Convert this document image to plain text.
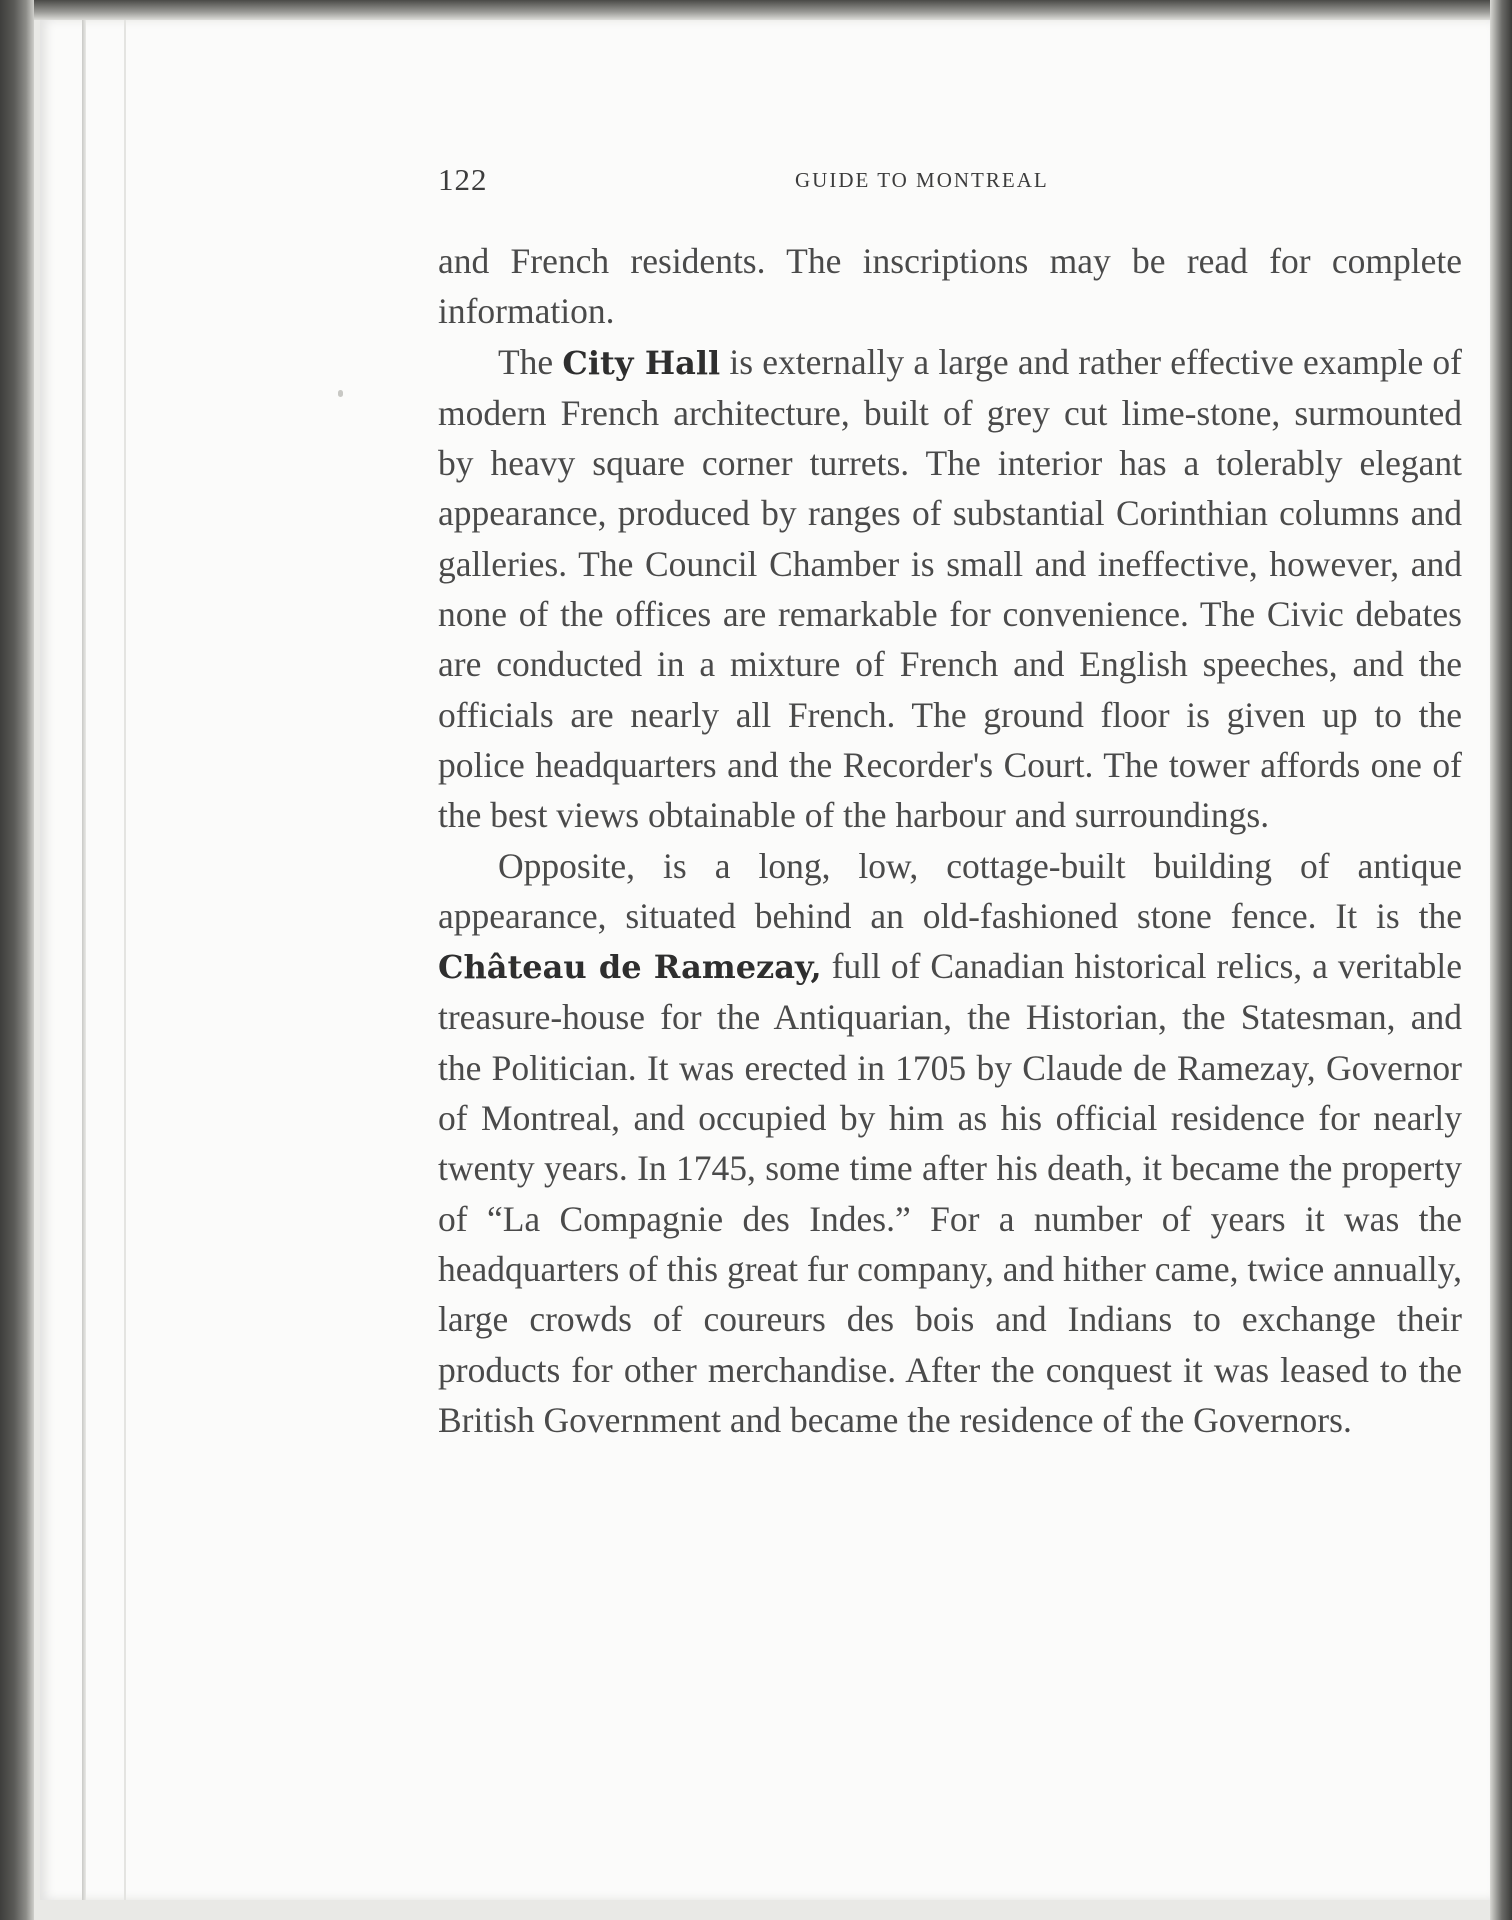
122	GUIDE TO MONTREAL

and French residents. The inscriptions may be read for complete information.

The City Hall is externally a large and rather effective example of modern French architecture, built of grey cut lime-stone, surmounted by heavy square corner turrets. The interior has a tolerably elegant appearance, produced by ranges of substantial Corinthian columns and galleries. The Council Chamber is small and ineffective, however, and none of the offices are remarkable for convenience. The Civic debates are conducted in a mixture of French and English speeches, and the officials are nearly all French. The ground floor is given up to the police headquarters and the Recorder's Court. The tower affords one of the best views obtainable of the harbour and surroundings.

Opposite, is a long, low, cottage-built building of antique appearance, situated behind an old-fashioned stone fence. It is the Château de Ramezay, full of Canadian historical relics, a veritable treasure-house for the Antiquarian, the Historian, the Statesman, and the Politician. It was erected in 1705 by Claude de Ramezay, Governor of Montreal, and occupied by him as his official residence for nearly twenty years. In 1745, some time after his death, it became the property of “La Compagnie des Indes.” For a number of years it was the headquarters of this great fur company, and hither came, twice annually, large crowds of coureurs des bois and Indians to exchange their products for other merchandise. After the conquest it was leased to the British Government and became the residence of the Governors.
